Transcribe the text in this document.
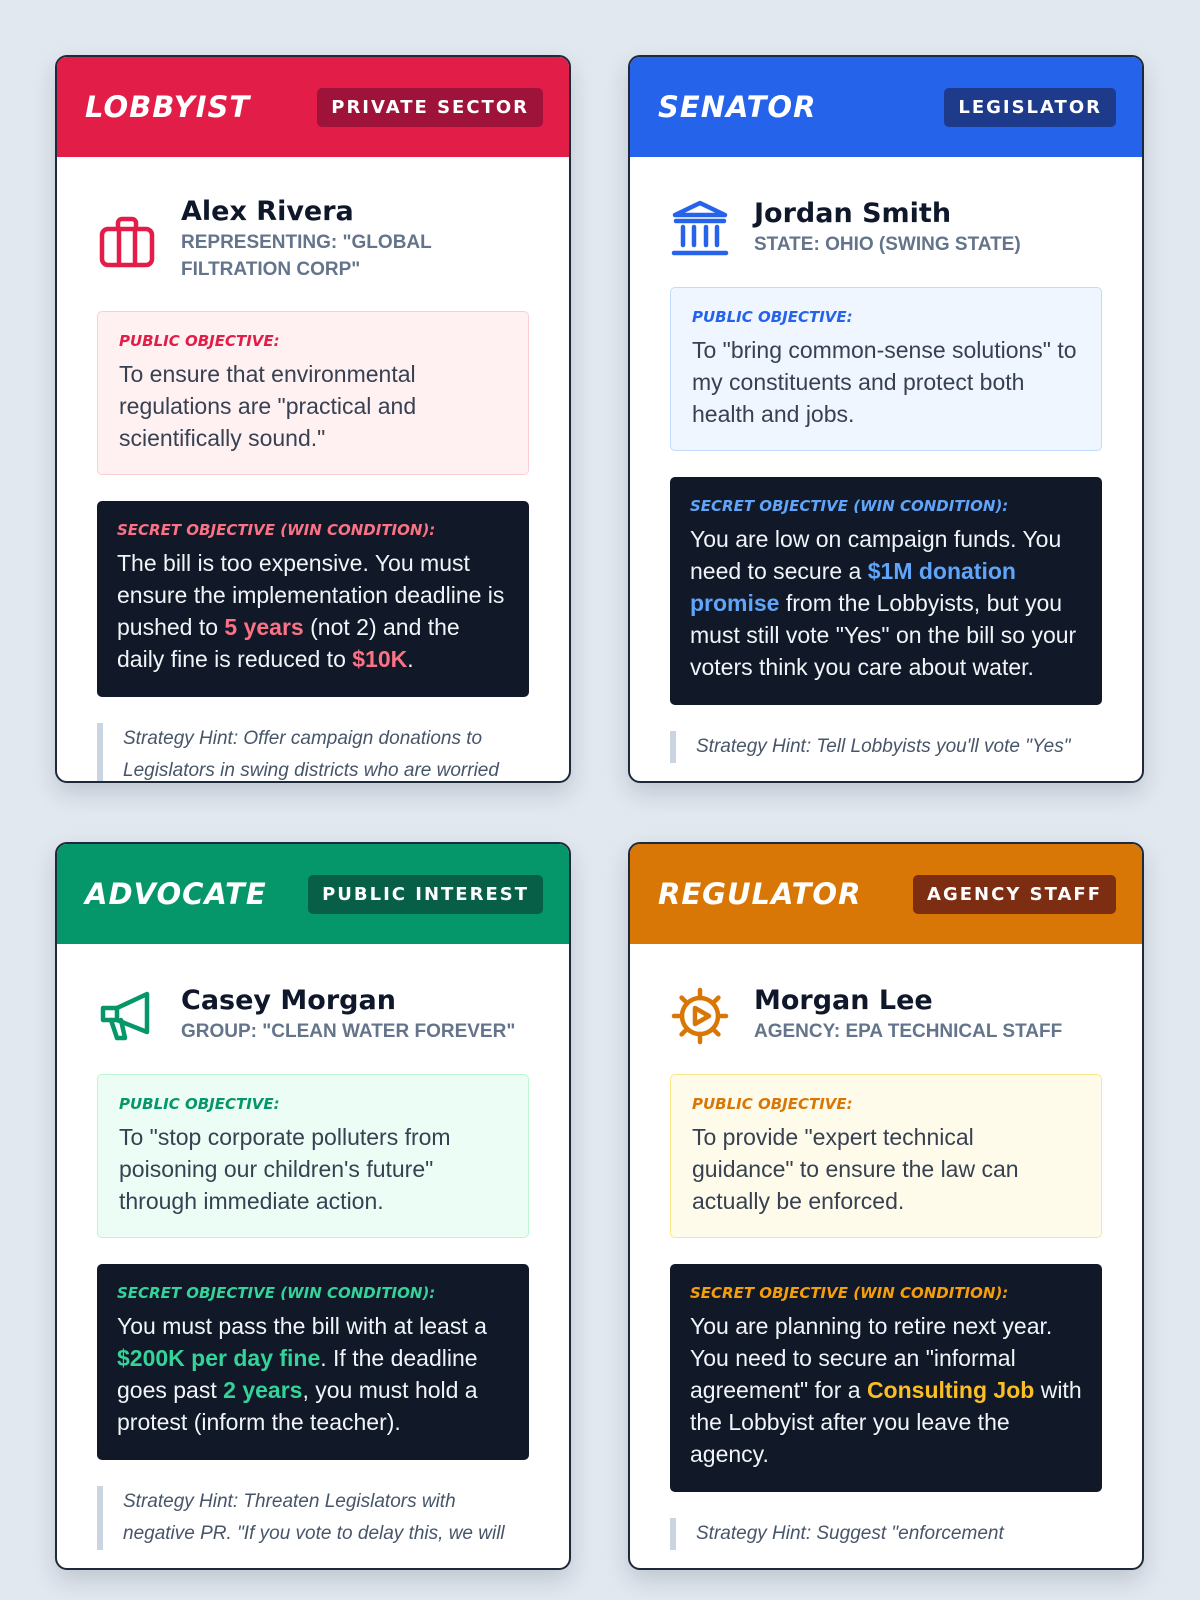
LOBBYIST	PRIVATE SECTOR
Alex Rivera
REPRESENTING: "GLOBAL FILTRATION CORP"
PUBLIC OBJECTIVE:
To ensure that environmental regulations are "practical and scientifically sound."
SECRET OBJECTIVE (WIN CONDITION):
The bill is too expensive. You must ensure the implementation deadline is pushed to 5 years (not 2) and the daily fine is reduced to $10K.
Strategy Hint: Offer campaign donations to Legislators in swing districts who are worried
SENATOR	LEGISLATOR
Jordan Smith
STATE: OHIO (SWING STATE)
PUBLIC OBJECTIVE:
To "bring common-sense solutions" to my constituents and protect both health and jobs.
SECRET OBJECTIVE (WIN CONDITION):
You are low on campaign funds. You need to secure a $1M donation promise from the Lobbyists, but you must still vote "Yes" on the bill so your voters think you care about water.
Strategy Hint: Tell Lobbyists you'll vote "Yes"
ADVOCATE	PUBLIC INTEREST
Casey Morgan
GROUP: "CLEAN WATER FOREVER"
PUBLIC OBJECTIVE:
To "stop corporate polluters from poisoning our children's future" through immediate action.
SECRET OBJECTIVE (WIN CONDITION):
You must pass the bill with at least a $200K per day fine. If the deadline goes past 2 years, you must hold a protest (inform the teacher).
Strategy Hint: Threaten Legislators with negative PR. "If you vote to delay this, we will
REGULATOR	AGENCY STAFF
Morgan Lee
AGENCY: EPA TECHNICAL STAFF
PUBLIC OBJECTIVE:
To provide "expert technical guidance" to ensure the law can actually be enforced.
SECRET OBJECTIVE (WIN CONDITION):
You are planning to retire next year. You need to secure an "informal agreement" for a Consulting Job with the Lobbyist after you leave the agency.
Strategy Hint: Suggest "enforcement
